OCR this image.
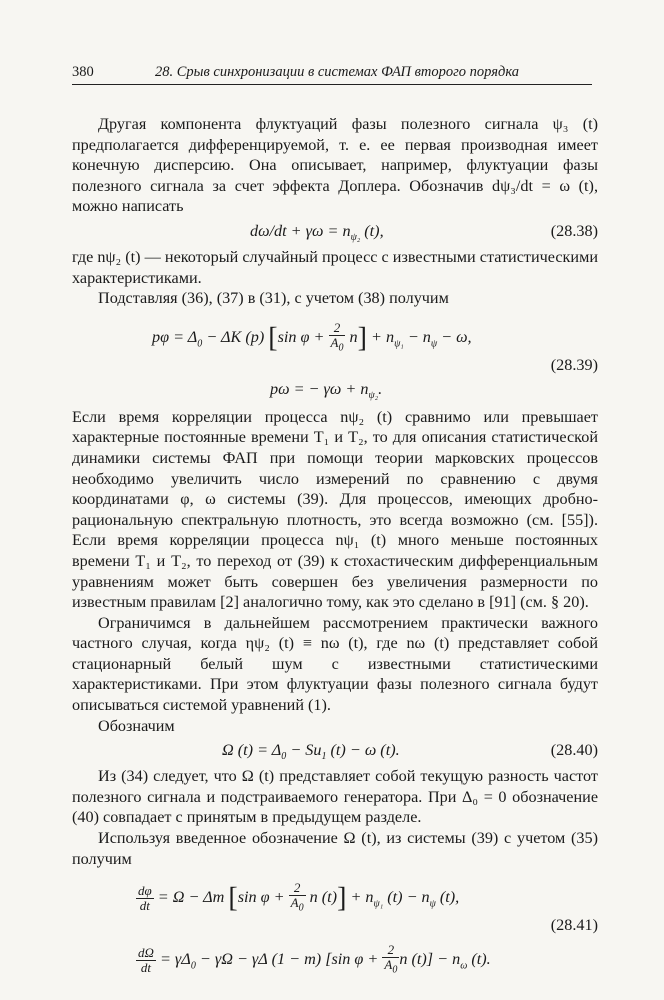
380	28. Срыв синхронизации в системах ФАП второго порядка

Другая компонента флуктуаций фазы полезного сигнала ψ₃ (t) предполагается дифференцируемой, т. е. ее первая производная имеет конечную дисперсию. Она описывает, например, флуктуации фазы полезного сигнала за счет эффекта Доплера. Обозначив dψ₃/dt = ω (t), можно написать

$d\omega/dt + \gamma\omega = n_{\psi_2}$ (t),	(28.38)

где nψ₂ (t) — некоторый случайный процесс с известными статистическими характеристиками.

Подставляя (36), (37) в (31), с учетом (38) получим

$p\varphi = \Delta_0 - \Delta K$ (p) [sin $\varphi + \frac{2}{A_0} n] + n_{\psi_1} - n_\psi - \omega$,
(28.39)
pω = − $\gamma\omega + n_{\psi_2}$.

Если время корреляции процесса nψ₂ (t) сравнимо или превышает характерные постоянные времени T₁ и T₂, то для описания статистической динамики системы ФАП при помощи теории марковских процессов необходимо увеличить число измерений по сравнению с двумя координатами φ, ω системы (39). Для процессов, имеющих дробно-рациональную спектральную плотность, это всегда возможно (см. [55]). Если время корреляции процесса nψ₁ (t) много меньше постоянных времени T₁ и T₂, то переход от (39) к стохастическим дифференциальным уравнениям может быть совершен без увеличения размерности по известным правилам [2] аналогично тому, как это сделано в [91] (см. § 20).

Ограничимся в дальнейшем рассмотрением практически важного частного случая, когда ηψ₂ (t) ≡ nω (t), где nω (t) представляет собой стационарный белый шум с известными статистическими характеристиками. При этом флуктуации фазы полезного сигнала будут описываться системой уравнений (1).

Обозначим

Ω $(t) = \Delta_0 - Su_1$ (t) − ω (t).	(28.40)

Из (34) следует, что Ω (t) представляет собой текущую разность частот полезного сигнала и подстраиваемого генератора. При Δ₀ = 0 обозначение (40) совпадает с принятым в предыдущем разделе.

Используя введенное обозначение Ω (t), из системы (39) с учетом (35) получим

$\frac{d\varphi}{dt} = \Omega - \Delta m$ [sin $\varphi + \frac{2}{A_0}$ n $(t)] + n_{\psi_1}$ $(t) - n_\psi$ (t),
(28.41)
$\frac{d\Omega}{dt} = \gamma\Delta_0 - \gamma\Omega - \gamma\Delta$ (1 − m) [sin $\varphi + \frac{2}{A_0}$ n $(t)] - n_\omega$ (t).
